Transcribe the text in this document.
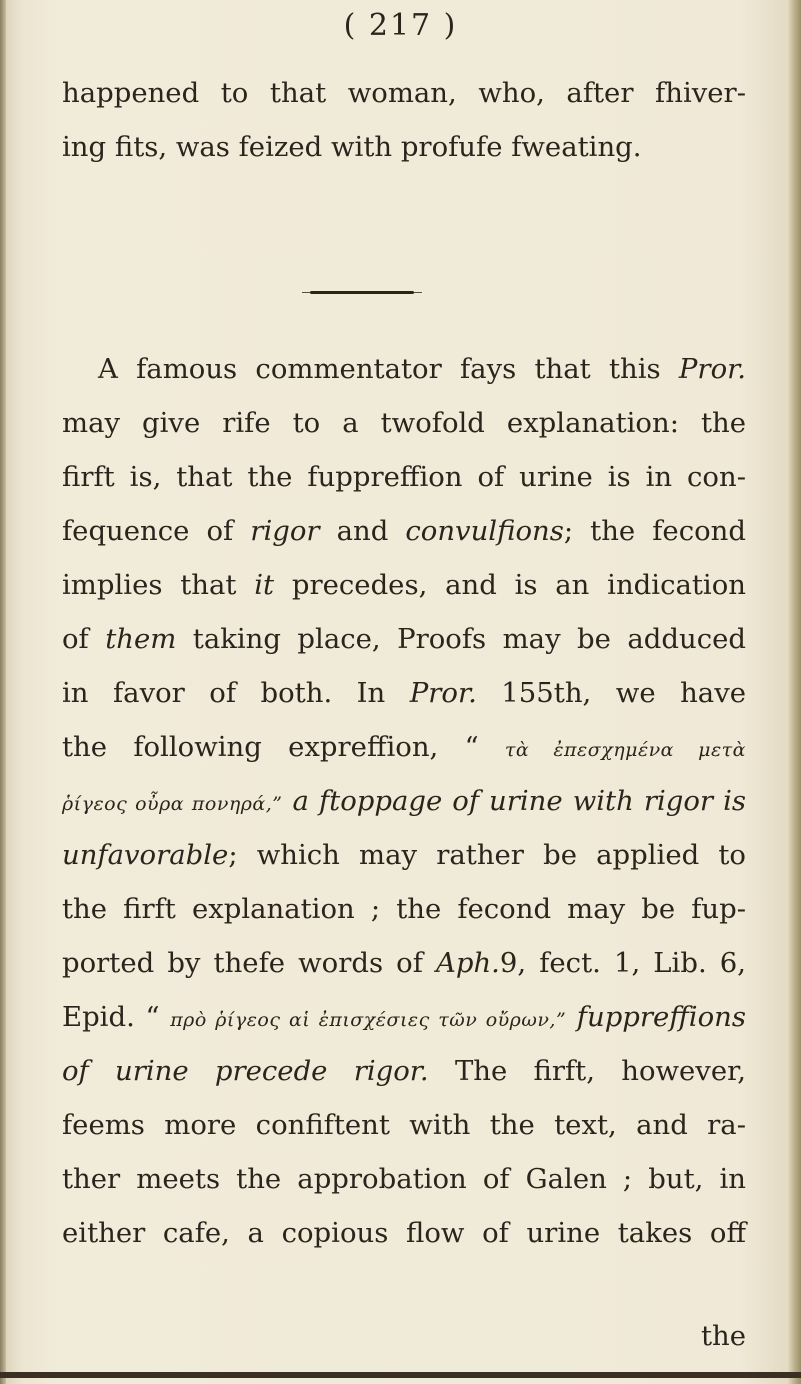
( 217 )
happened to that woman, who, after fhiver-
ing fits, was feized with profufe fweating.
A famous commentator fays that this Pror.
may give rife to a twofold explanation: the
firft is, that the fuppreffion of urine is in con-
fequence of rigor and convulfions; the fecond
implies that it precedes, and is an indication
of them taking place, Proofs may be adduced
in favor of both. In Pror. 155th, we have
the following expreffion, “ τὰ ἐπεσχημένα μετὰ
ῥίγεος οὖρα πονηρά,” a ftoppage of urine with rigor is
unfavorable; which may rather be applied to
the firft explanation ; the fecond may be fup-
ported by thefe words of Aph.9, fect. 1, Lib. 6,
Epid. “ πρὸ ῥίγεος αἱ ἐπισχέσιες τῶν οὔρων,” fuppreffions
of urine precede rigor. The firft, however,
feems more confiftent with the text, and ra-
ther meets the approbation of Galen ; but, in
either cafe, a copious flow of urine takes off
the
